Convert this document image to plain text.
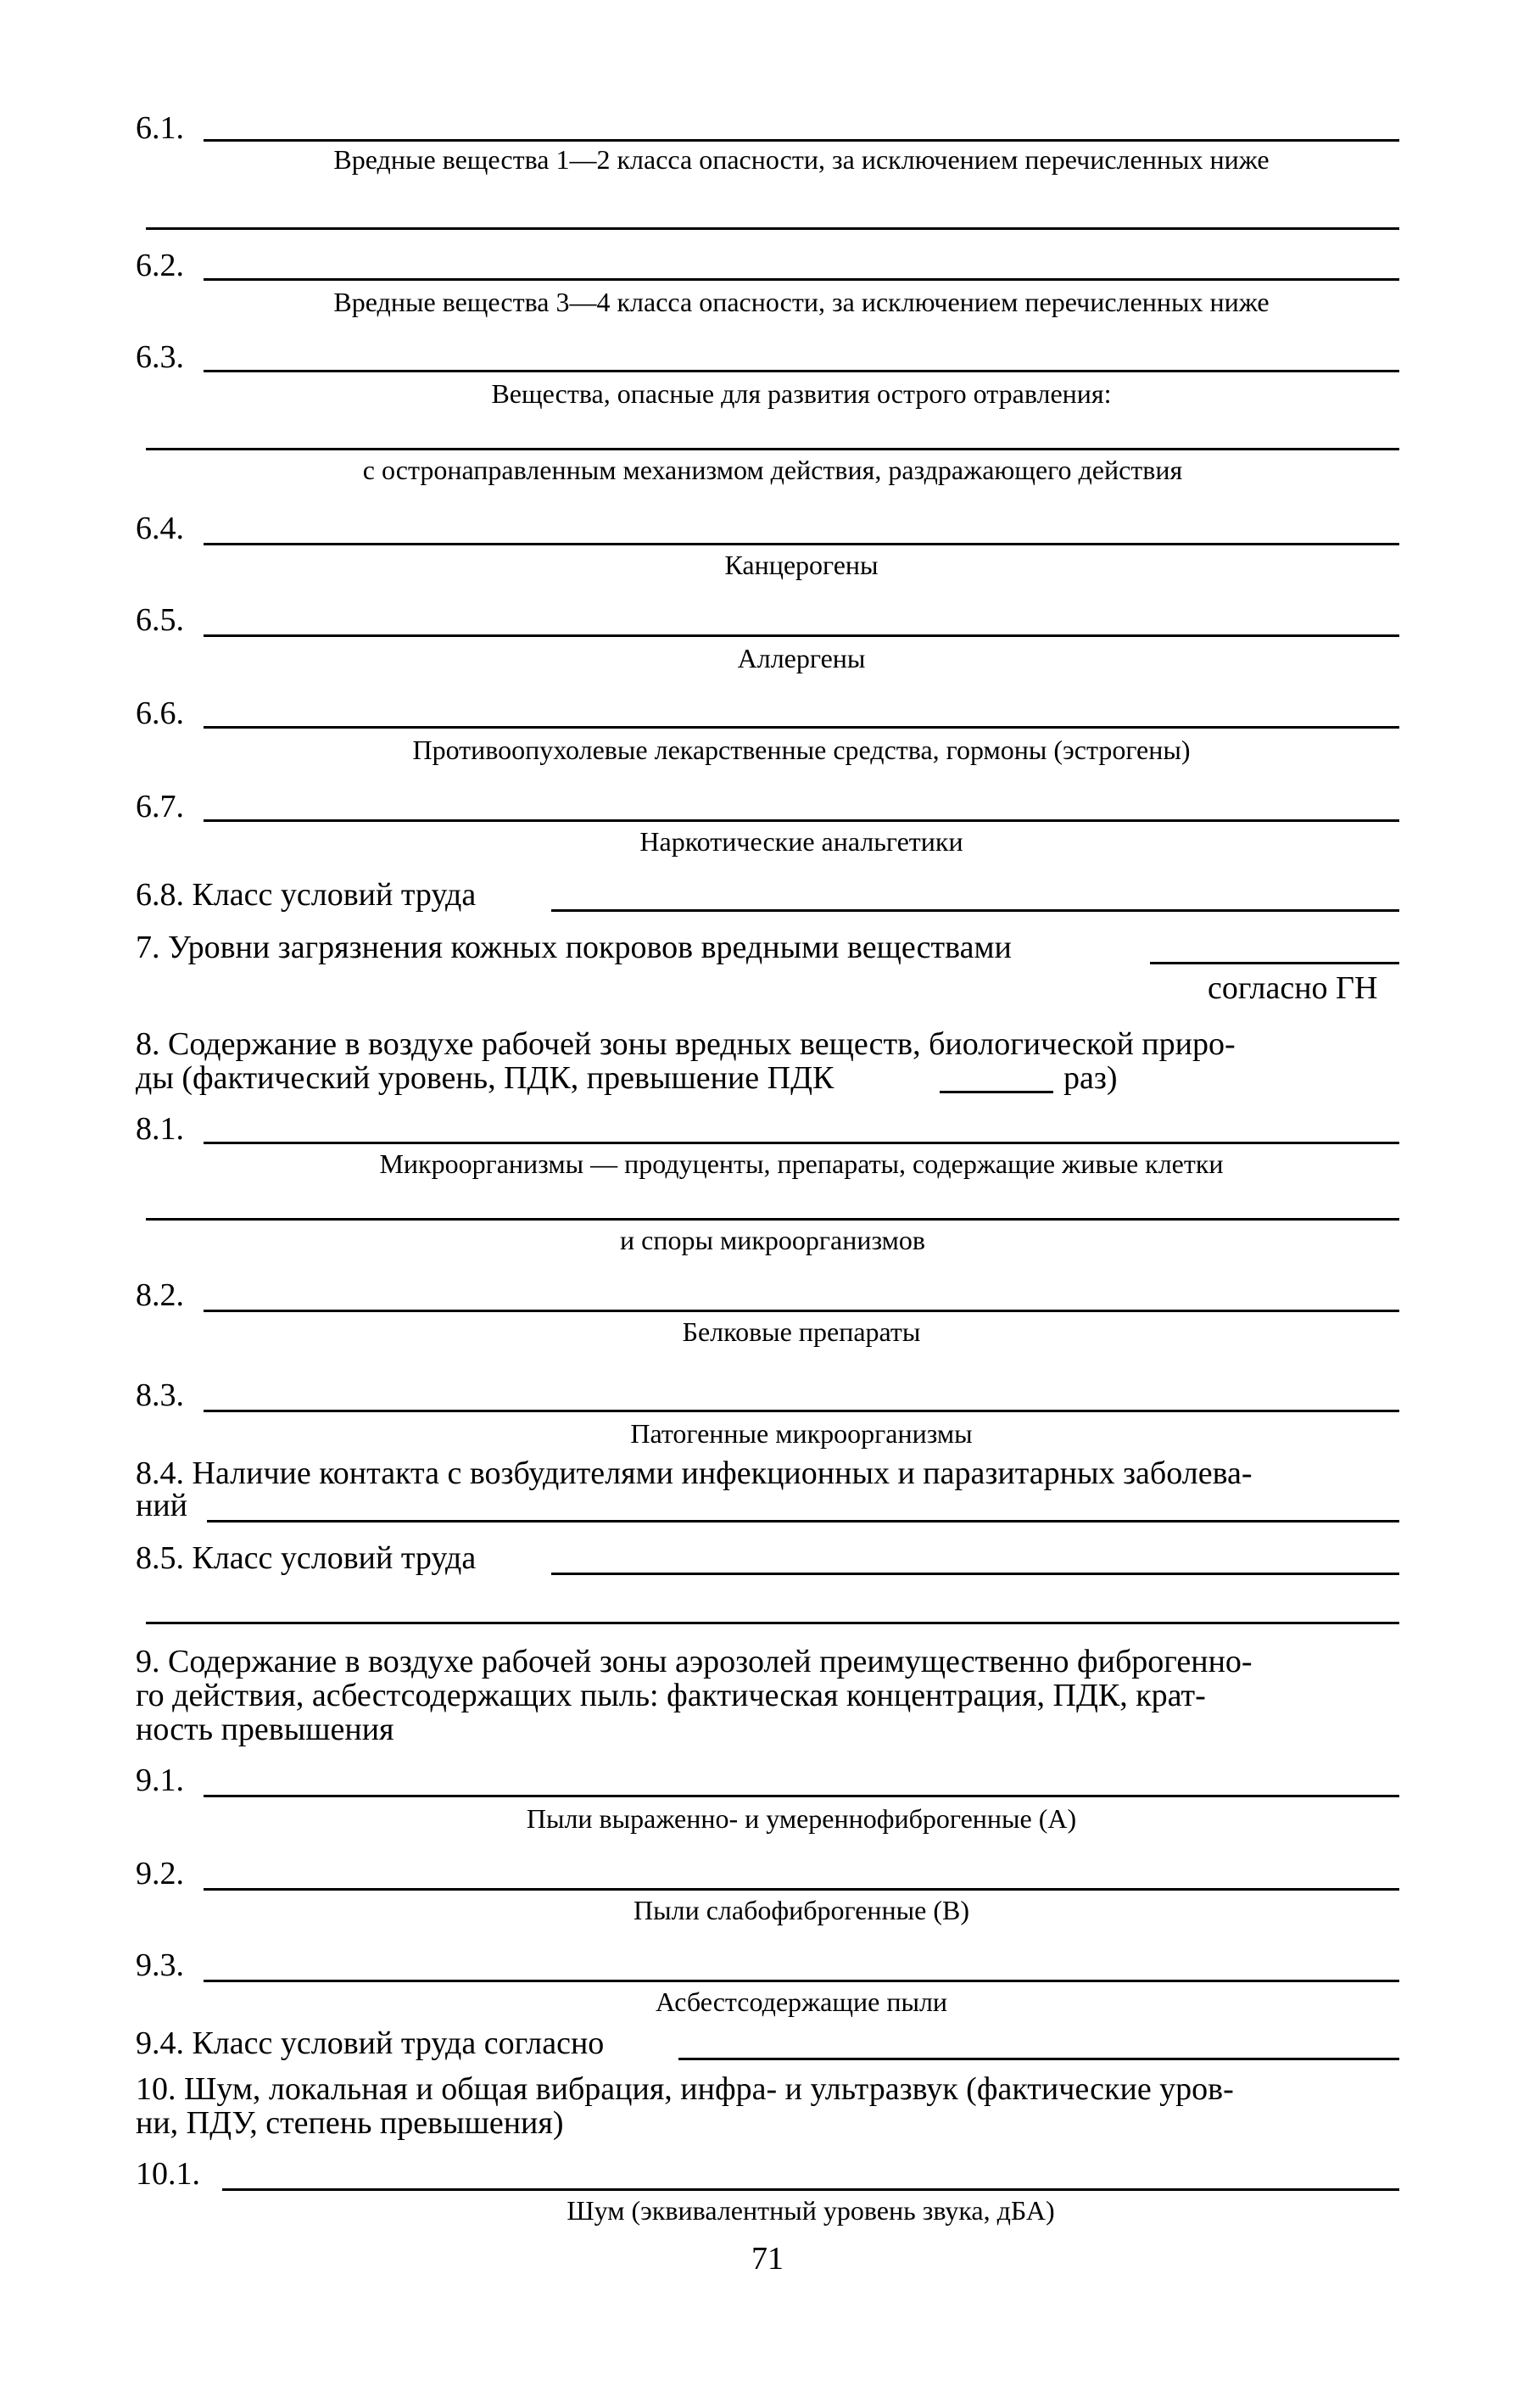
6.1.
Вредные вещества 1—2 класса опасности, за исключением перечисленных ниже
6.2.
Вредные вещества 3—4 класса опасности, за исключением перечисленных ниже
6.3.
Вещества, опасные для развития острого отравления:
с остронаправленным механизмом действия, раздражающего действия
6.4.
Канцерогены
6.5.
Аллергены
6.6.
Противоопухолевые лекарственные средства, гормоны (эстрогены)
6.7.
Наркотические анальгетики
6.8. Класс условий труда
7. Уровни загрязнения кожных покровов вредными веществами
согласно ГН
8. Содержание в воздухе рабочей зоны вредных веществ, биологической приро-
ды (фактический уровень, ПДК, превышение ПДК	раз)
8.1.
Микроорганизмы — продуценты, препараты, содержащие живые клетки
и споры микроорганизмов
8.2.
Белковые препараты
8.3.
Патогенные микроорганизмы
8.4. Наличие контакта с возбудителями инфекционных и паразитарных заболева-
ний
8.5. Класс условий труда
9. Содержание в воздухе рабочей зоны аэрозолей преимущественно фиброгенно-
го действия, асбестсодержащих пыль: фактическая концентрация, ПДК, крат-
ность превышения
9.1.
Пыли выраженно- и умереннофиброгенные (А)
9.2.
Пыли слабофиброгенные (В)
9.3.
Асбестсодержащие пыли
9.4. Класс условий труда согласно
10. Шум, локальная и общая вибрация, инфра- и ультразвук (фактические уров-
ни, ПДУ, степень превышения)
10.1.
Шум (эквивалентный уровень звука, дБА)
71
